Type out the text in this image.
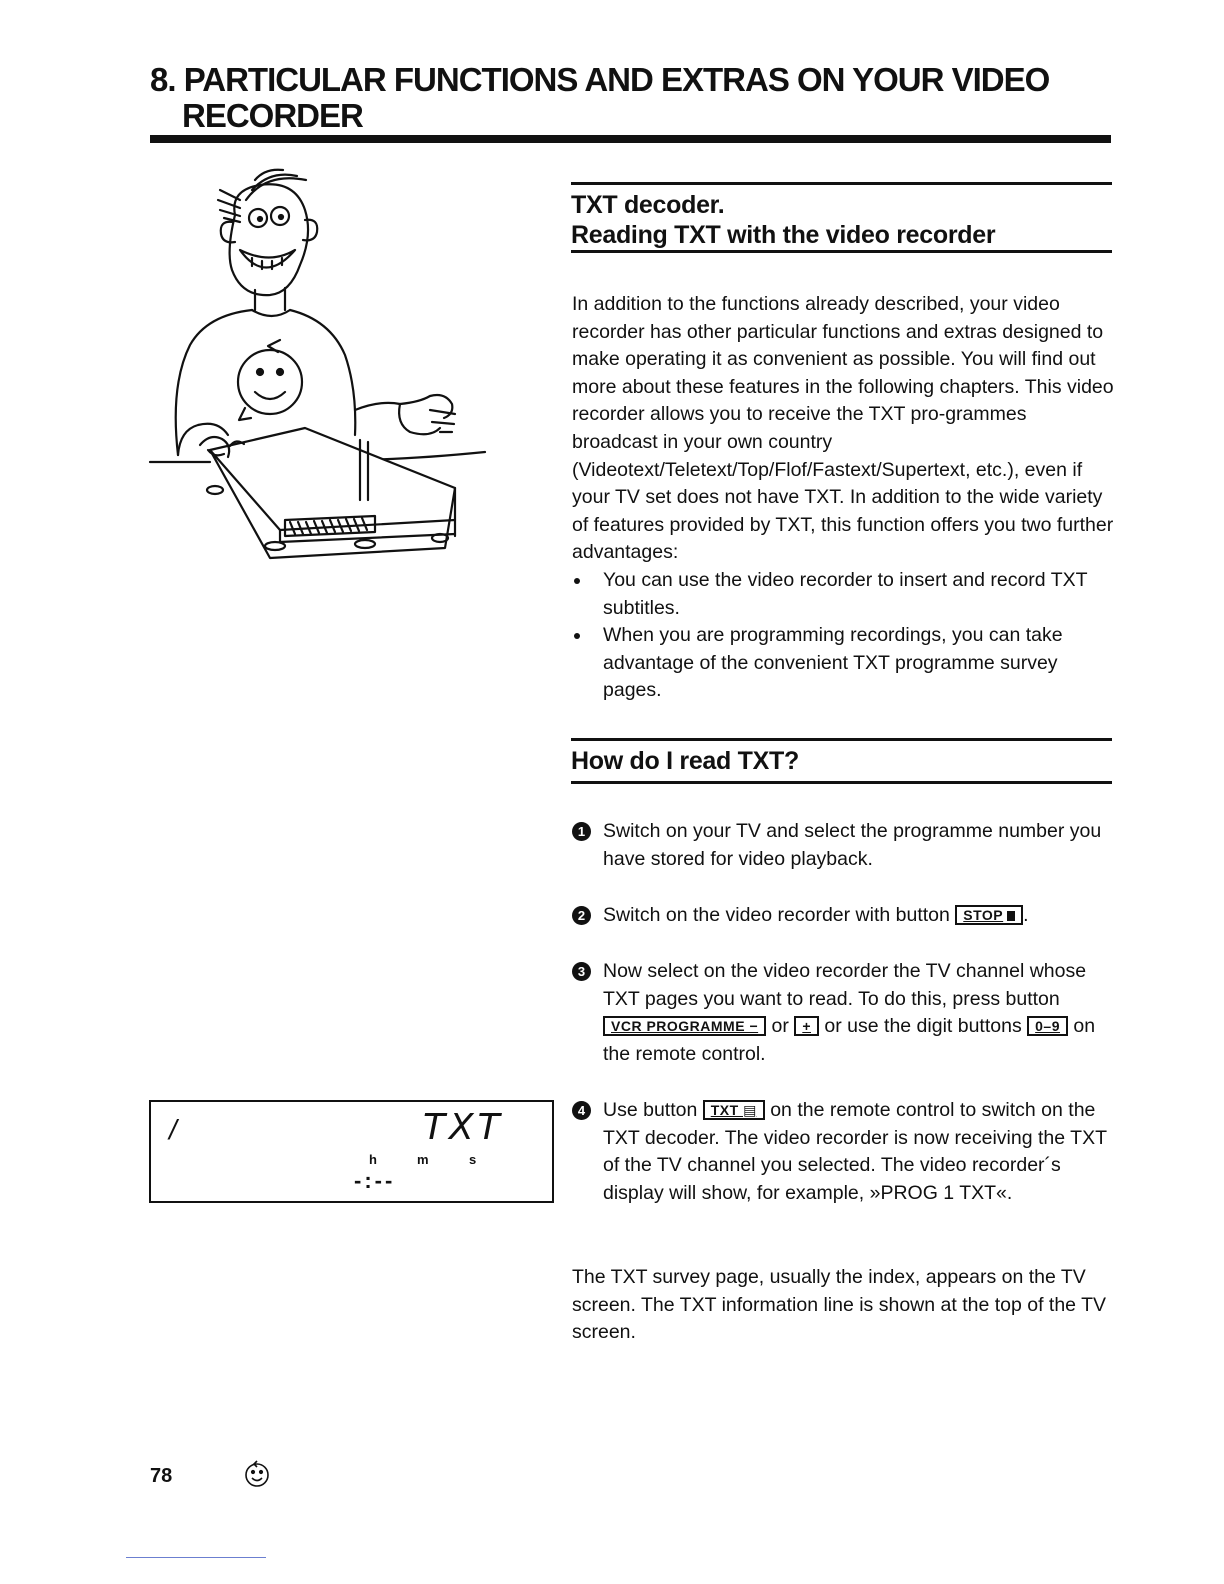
8. PARTICULAR FUNCTIONS AND EXTRAS ON YOUR VIDEO
RECORDER
TXT decoder.
Reading TXT with the video recorder

In addition to the functions already described, your video recorder has other particular functions and extras designed to make operating it as convenient as possible. You will find out more about these features in the following chapters. This video recorder allows you to receive the TXT pro-grammes broadcast in your own country (Videotext/Teletext/Top/Flof/Fastext/Supertext, etc.), even if your TV set does not have TXT. In addition to the wide variety of features provided by TXT, this function offers you two further advantages:

You can use the video recorder to insert and record TXT subtitles.
When you are programming recordings, you can take advantage of the convenient TXT programme survey pages.
How do I read TXT?
1 Switch on your TV and select the programme number you have stored for video playback.
2 Switch on the video recorder with button STOP .
3 Now select on the video recorder the TV channel whose TXT pages you want to read. To do this, press button VCR PROGRAMME − or + or use the digit buttons 0–9 on the remote control.
4 Use button TXT ▤ on the remote control to switch on the TXT decoder. The video recorder is now receiving the TXT of the TV channel you selected. The video recorder´s display will show, for example, »PROG 1 TXT«.

The TXT survey page, usually the index, appears on the TV screen. The TXT information line is shown at the top of the TV screen.

/	TXT
h	m	s
-:--
78
